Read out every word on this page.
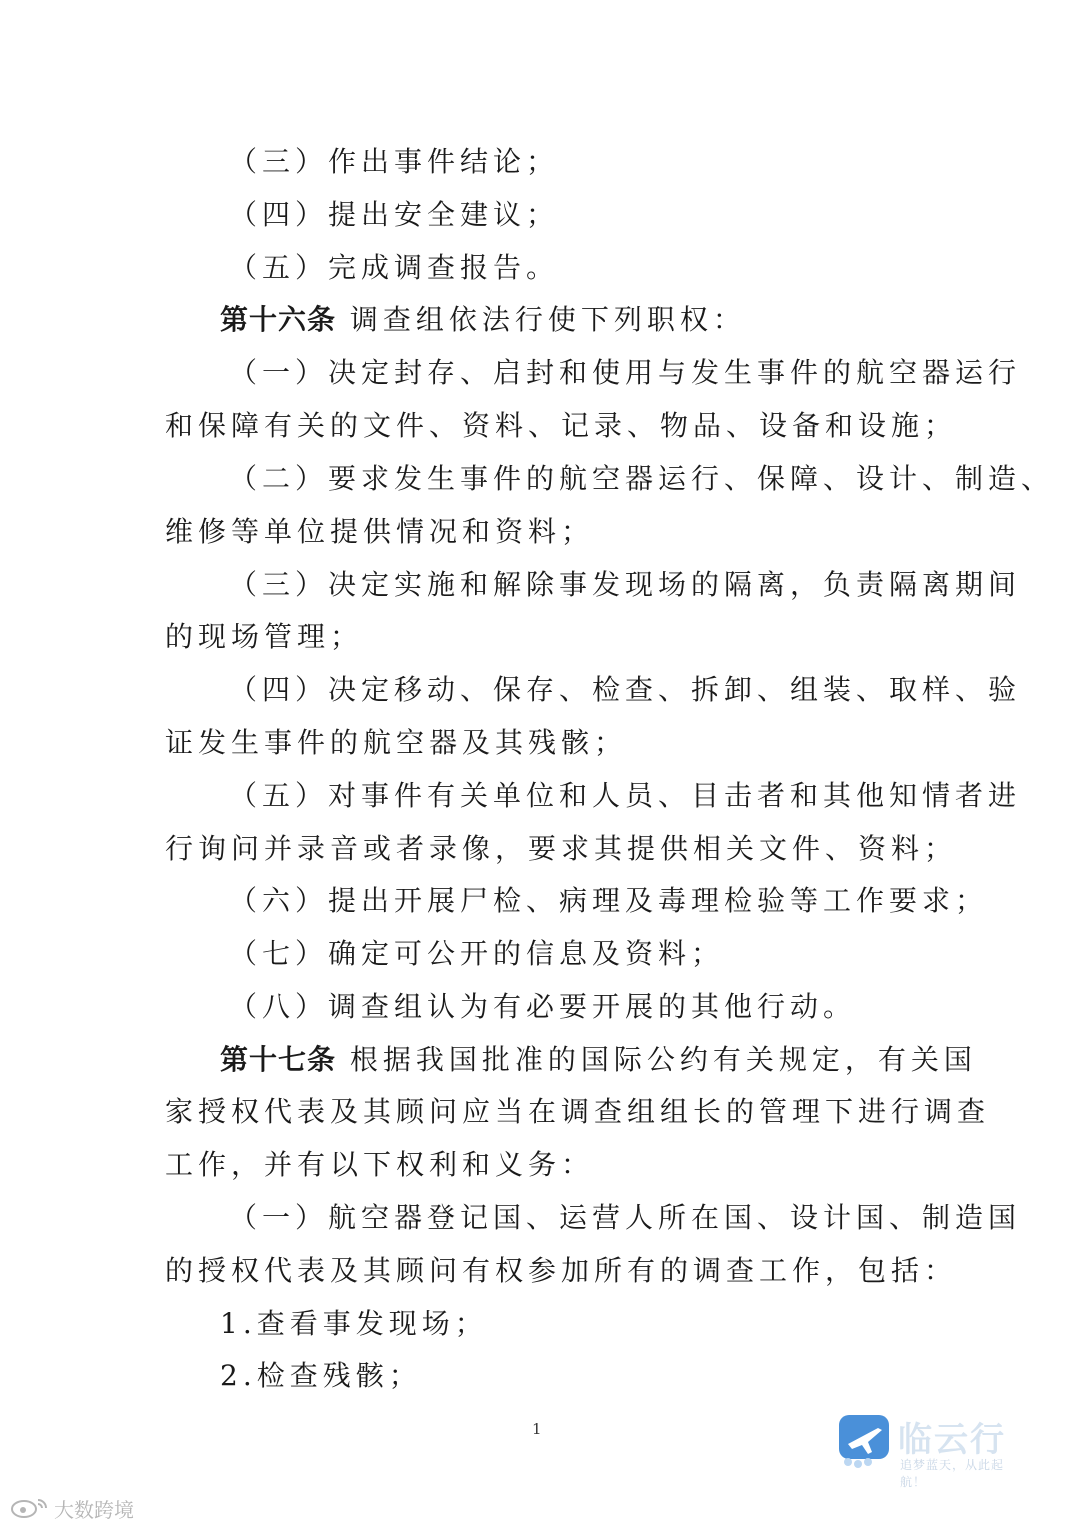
（三）作出事件结论；
（四）提出安全建议；
（五）完成调查报告。
第十六条 调查组依法行使下列职权：
（一）决定封存、启封和使用与发生事件的航空器运行
和保障有关的文件、资料、记录、物品、设备和设施；
（二）要求发生事件的航空器运行、保障、设计、制造、
维修等单位提供情况和资料；
（三）决定实施和解除事发现场的隔离，负责隔离期间
的现场管理；
（四）决定移动、保存、检查、拆卸、组装、取样、验
证发生事件的航空器及其残骸；
（五）对事件有关单位和人员、目击者和其他知情者进
行询问并录音或者录像，要求其提供相关文件、资料；
（六）提出开展尸检、病理及毒理检验等工作要求；
（七）确定可公开的信息及资料；
（八）调查组认为有必要开展的其他行动。
第十七条 根据我国批准的国际公约有关规定，有关国
家授权代表及其顾问应当在调查组组长的管理下进行调查
工作，并有以下权利和义务：
（一）航空器登记国、运营人所在国、设计国、制造国
的授权代表及其顾问有权参加所有的调查工作，包括：
1.查看事发现场；
2.检查残骸；
1	临云行
追梦蓝天，从此起航！
大数跨境
